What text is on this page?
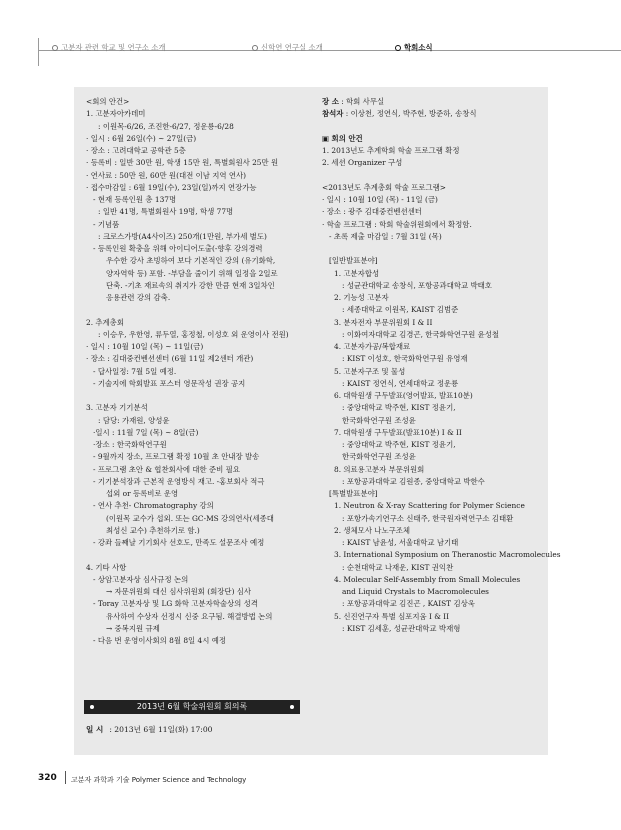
고분자 관련 학교 및 연구소 소개	신학연 연구실 소개	학회소식
<회의 안건>
1. 고분자아카데미
: 이원목-6/26, 조진한-6/27, 정운룡-6/28
· 일시 : 6월 26일(수) ~ 27일(금)
· 장소 : 고려대학교 공학관 5층
· 등록비 : 일반 30만 원, 학생 15만 원, 특별회원사 25만 원
· 연사료 : 50만 원, 60만 원(대전 이남 지역 연사)
· 접수마감일 : 6월 19일(수), 23일(일)까지 연장가능
- 현재 등록인원 총 137명
: 일반 41명, 특별회원사 19명, 학생 77명
- 기념품
: 크로스가방(A4사이즈) 250개(1만원, 부가세 별도)
- 등록인원 확충을 위해 아이디어도출(-향후 강의경력
우수한 강사 초빙하여 보다 기본적인 강의 (유기화학,
양자역학 등) 포함. -부담을 줄이기 위해 일정을 2일로
단축. -기초 재료속의 취지가 강한 만큼 현재 3일차인
응용관련 강의 감축.
2. 추계총회
: 이승우, 우한영, 류두열, 홍정철, 이성호 외 운영이사 전원)
· 일시 : 10월 10일 (목) ~ 11일(금)
· 장소 : 김대중컨벤션센터 (6월 11일 제2센터 개관)
- 답사일정: 7월 5일 예정.
- 기술지에 학회발표 포스터 영문작성 권장 공지
3. 고분자 기기분석
: 담당: 가재원, 양성윤
·일시 : 11월 7일 (목) ~ 8일(금)
·장소 : 한국화학연구원
- 9월까지 장소, 프로그램 확정 10월 초 안내장 발송
- 프로그램 초안 & 협찬회사에 대한 준비 필요
- 기기분석장과 근본적 운영방식 재고. -홍보회사 적극
섭외 or 등록비로 운영
- 연사 추천- Chromatography 강의
(이원목 교수가 섭외. 또는 GC-MS 강의연사(세종대
최성신 교수) 추천하기로 함.)
- 강좌 들째날 기기회사 선호도, 만족도 설문조사 예정
4. 기타 사항
- 상암고분자상 심사규정 논의
→ 자문위원회 대신 심사위원회 (회장단) 심사
- Toray 고분자상 및 LG 화학 고분자학술상의 성격
유사하여 수상자 선정시 신중 요구됨. 해결방법 논의
→ 중복지원 규제
- 다음 번 운영이사회의 8월 8일 4시 예정
장 소 : 학회 사무실
참석자 : 이상천, 정연식, 박주현, 방준하, 송창식
▣ 회의 안건
1. 2013년도 추계학회 학술 프로그램 확정
2. 세션 Organizer 구성
<2013년도 추계총회 학술 프로그램>
· 일시 : 10월 10일 (목) - 11일 (금)
· 장소 : 광주 김대중컨벤션센터
· 학술 프로그램 : 학회 학술위원회에서 확정함.
- 초록 제출 마감일 : 7월 31일 (목)
[일반발표분야]
1. 고분자합성
: 성균관대학교 송창식, 포항공과대학교 박태호
2. 기능성 고분자
: 세종대학교 이원목, KAIST 김범준
3. 분자전자 부문위원회 I & II
: 이화여자대학교 김경곤, 한국화학연구원 윤성철
4. 고분자가공/복합재료
: KIST 이성호, 한국화학연구원 유영재
5. 고분자구조 및 물성
: KAIST 정연식, 연세대학교 정운룡
6. 대학원생 구두발표(영어발표, 발표10분)
: 중앙대학교 박주현, KIST 정윤기,
한국화학연구원 조성윤
7. 대학원생 구두발표(발표10분) I & II
: 중앙대학교 박주현, KIST 정윤기,
한국화학연구원 조성윤
8. 의료용고분자 부문위원회
: 포항공과대학교 김원종, 중앙대학교 박한수
[특별발표분야]
1. Neutron & X-ray Scattering for Polymer Science
: 포항가속기연구소 신태주, 한국원자력연구소 김태환
2. 생체모사 나노구조체
: KAIST 남윤성, 서울대학교 남기태
3. International Symposium on Theranostic Macromolecules
: 순천대학교 나재운, KIST 권익찬
4. Molecular Self-Assembly from Small Molecules
and Liquid Crystals to Macromolecules
: 포항공과대학교 김진곤 , KAIST 김상욱
5. 신진연구자 특별 심포지움 I & II
: KIST 김세훈, 성균관대학교 박재형
2013년 6월 학술위원회 회의록
일 시 : 2013년 6월 11일(화) 17:00
320 고분자 과학과 기술 Polymer Science and Technology
